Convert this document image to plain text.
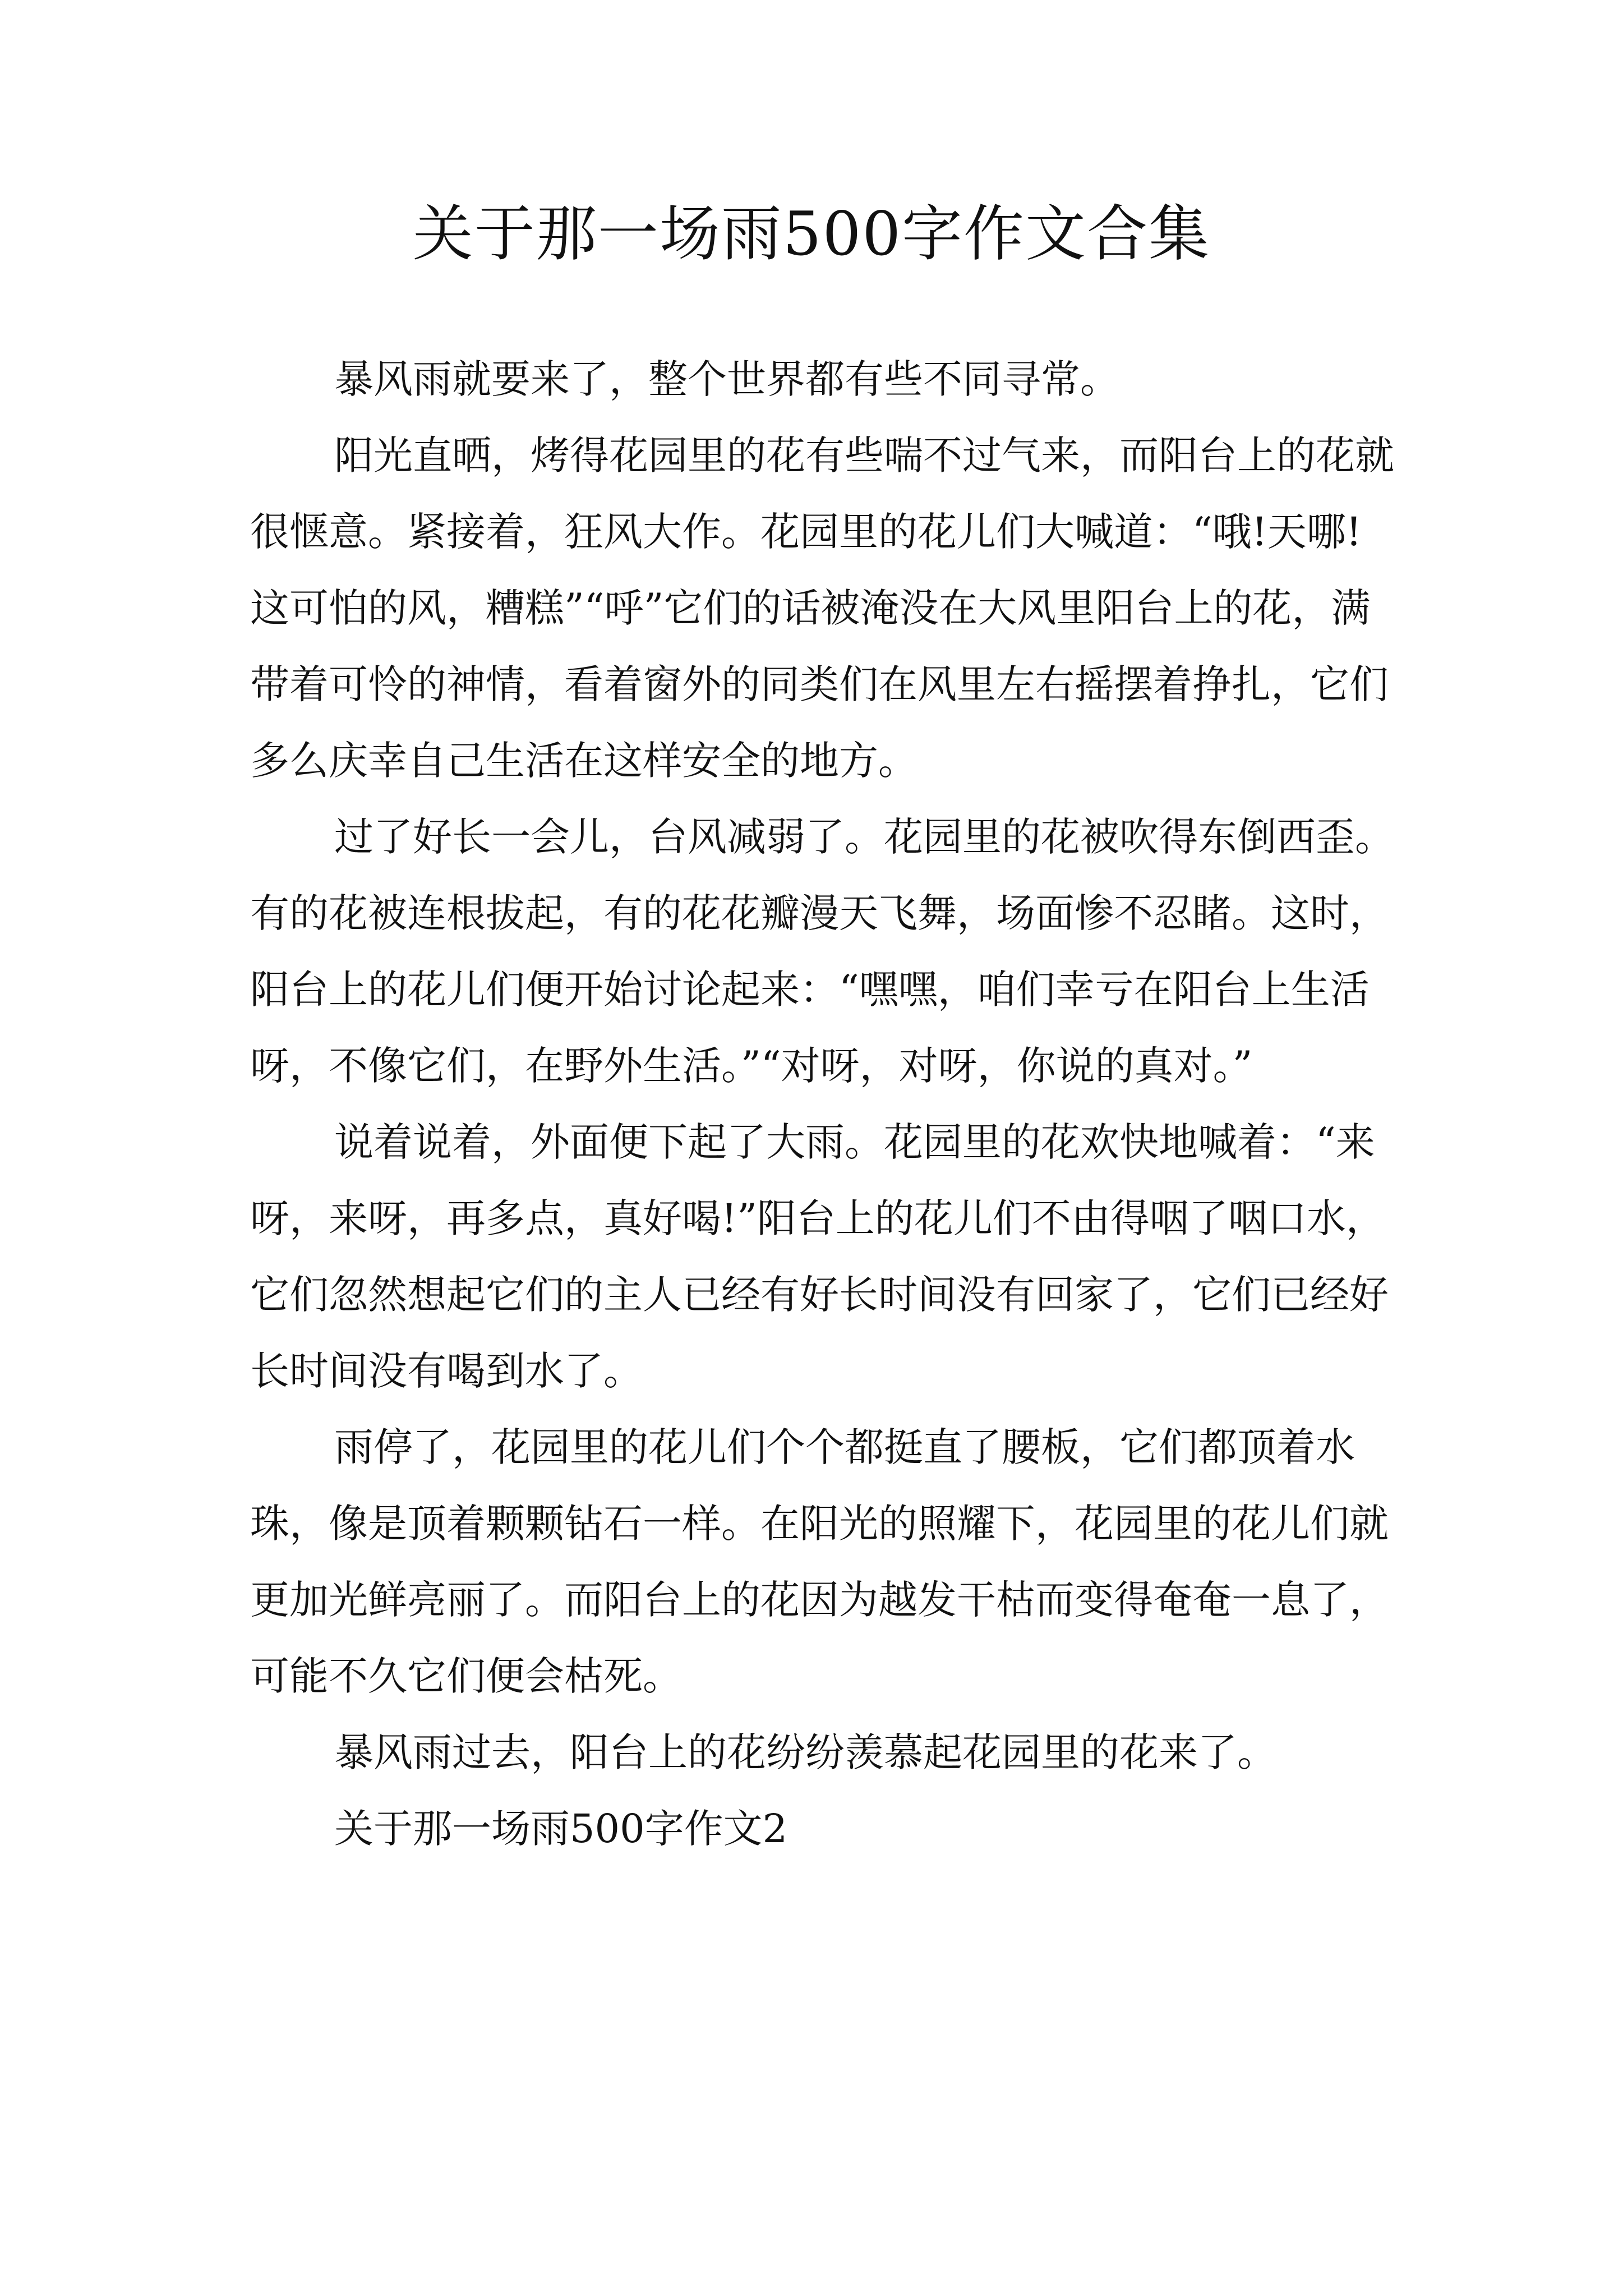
关于那一场雨500字作文合集

暴风雨就要来了，整个世界都有些不同寻常。

阳光直晒，烤得花园里的花有些喘不过气来，而阳台上的花就很惬意。紧接着，狂风大作。花园里的花儿们大喊道：“哦!天哪!这可怕的风，糟糕”“呼”它们的话被淹没在大风里阳台上的花，满带着可怜的神情，看着窗外的同类们在风里左右摇摆着挣扎，它们多么庆幸自己生活在这样安全的地方。

过了好长一会儿，台风减弱了。花园里的花被吹得东倒西歪。有的花被连根拔起，有的花花瓣漫天飞舞，场面惨不忍睹。这时，阳台上的花儿们便开始讨论起来：“嘿嘿，咱们幸亏在阳台上生活呀，不像它们，在野外生活。”“对呀，对呀，你说的真对。”

说着说着，外面便下起了大雨。花园里的花欢快地喊着：“来呀，来呀，再多点，真好喝!”阳台上的花儿们不由得咽了咽口水，它们忽然想起它们的主人已经有好长时间没有回家了，它们已经好长时间没有喝到水了。

雨停了，花园里的花儿们个个都挺直了腰板，它们都顶着水珠，像是顶着颗颗钻石一样。在阳光的照耀下，花园里的花儿们就更加光鲜亮丽了。而阳台上的花因为越发干枯而变得奄奄一息了，可能不久它们便会枯死。

暴风雨过去，阳台上的花纷纷羡慕起花园里的花来了。

关于那一场雨500字作文2
